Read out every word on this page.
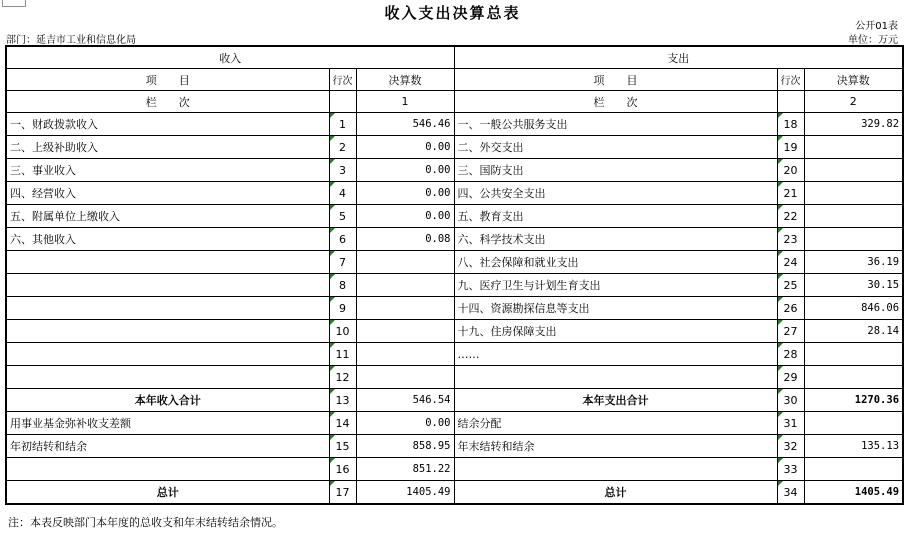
收入支出决算总表
公开01表
部门：延吉市工业和信息化局	单位：万元
收入			支出		
项　　目	行次	决算数	项　　目	行次	决算数
栏　　次		1	栏　　次		2
一、财政拨款收入	1	546.46	一、一般公共服务支出	18	329.82
二、上级补助收入	2	0.00	二、外交支出	19	
三、事业收入	3	0.00	三、国防支出	20	
四、经营收入	4	0.00	四、公共安全支出	21	
五、附属单位上缴收入	5	0.00	五、教育支出	22	
六、其他收入	6	0.08	六、科学技术支出	23	
	7		八、社会保障和就业支出	24	36.19
	8		九、医疗卫生与计划生育支出	25	30.15
	9		十四、资源勘探信息等支出	26	846.06
	10		十九、住房保障支出	27	28.14
	11		……	28	
	12			29	
本年收入合计	13	546.54	本年支出合计	30	1270.36
用事业基金弥补收支差额	14	0.00	结余分配	31	
年初结转和结余	15	858.95	年末结转和结余	32	135.13
	16	851.22		33	
总计	17	1405.49	总计	34	1405.49
注：本表反映部门本年度的总收支和年末结转结余情况。
